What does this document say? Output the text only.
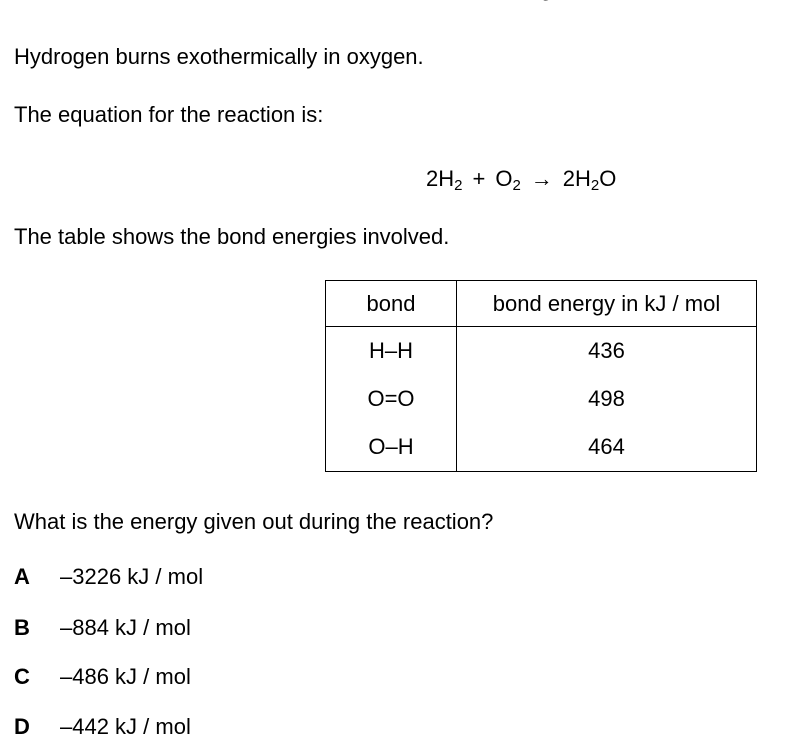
Hydrogen burns exothermically in oxygen.
The equation for the reaction is:
$2H_2 + O_2 \to 2H_2O$
The table shows the bond energies involved.
bond	bond energy in kJ / mol
H–H	436
O=O	498
O–H	464
What is the energy given out during the reaction?
A –3226 kJ / mol
B –884 kJ / mol
C –486 kJ / mol
D –442 kJ / mol
